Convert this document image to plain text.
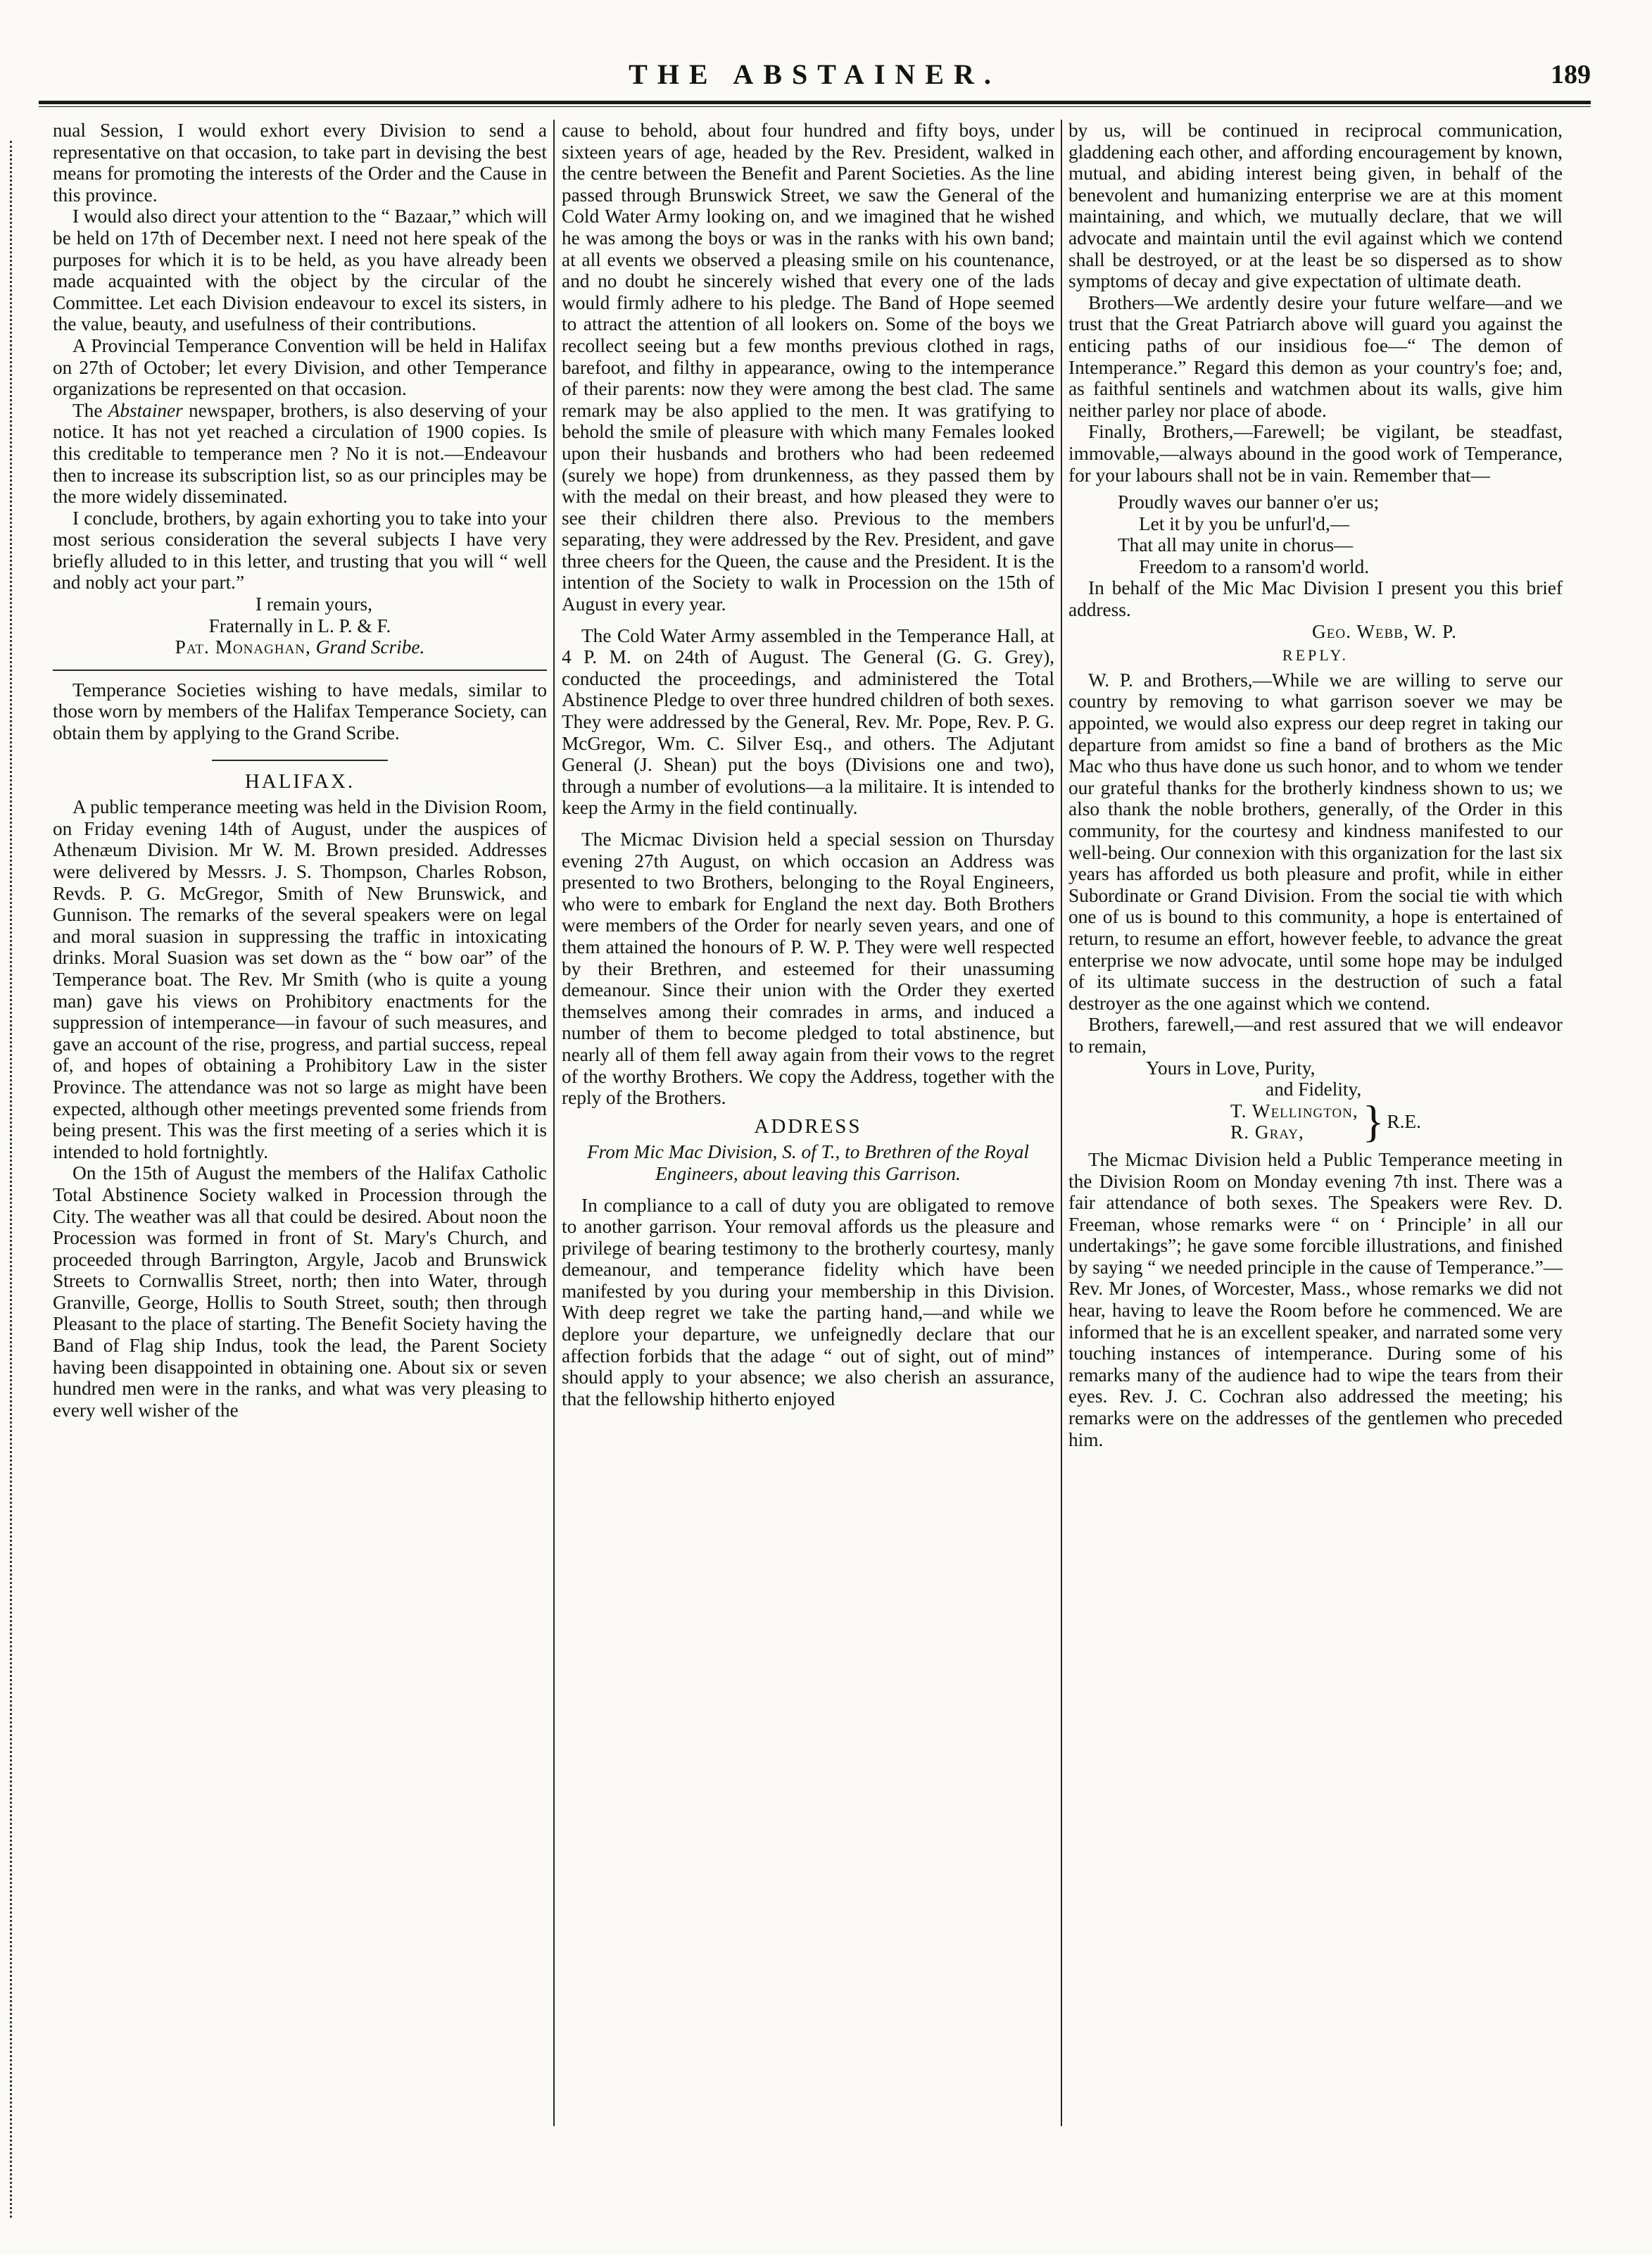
THE ABSTAINER.	189

nual Session, I would exhort every Division to send a representative on that occasion, to take part in devising the best means for promoting the interests of the Order and the Cause in this province.

I would also direct your attention to the “ Bazaar,” which will be held on 17th of December next. I need not here speak of the purposes for which it is to be held, as you have already been made acquainted with the object by the circular of the Committee. Let each Division endeavour to excel its sisters, in the value, beauty, and usefulness of their contributions.

A Provincial Temperance Convention will be held in Halifax on 27th of October; let every Division, and other Temperance organizations be represented on that occasion.

The Abstainer newspaper, brothers, is also deserving of your notice. It has not yet reached a circulation of 1900 copies. Is this creditable to temperance men ? No it is not.—Endeavour then to increase its subscription list, so as our principles may be the more widely disseminated.

I conclude, brothers, by again exhorting you to take into your most serious consideration the several subjects I have very briefly alluded to in this letter, and trusting that you will “ well and nobly act your part.”

I remain yours,
Fraternally in L. P. & F.
Pat. Monaghan, Grand Scribe.

Temperance Societies wishing to have medals, similar to those worn by members of the Halifax Temperance Society, can obtain them by applying to the Grand Scribe.

HALIFAX.

A public temperance meeting was held in the Division Room, on Friday evening 14th of August, under the auspices of Athenæum Division. Mr W. M. Brown presided. Addresses were delivered by Messrs. J. S. Thompson, Charles Robson, Revds. P. G. McGregor, Smith of New Brunswick, and Gunnison. The remarks of the several speakers were on legal and moral suasion in suppressing the traffic in intoxicating drinks. Moral Suasion was set down as the “ bow oar” of the Temperance boat. The Rev. Mr Smith (who is quite a young man) gave his views on Prohibitory enactments for the suppression of intemperance—in favour of such measures, and gave an account of the rise, progress, and partial success, repeal of, and hopes of obtaining a Prohibitory Law in the sister Province. The attendance was not so large as might have been expected, although other meetings prevented some friends from being present. This was the first meeting of a series which it is intended to hold fortnightly.

On the 15th of August the members of the Halifax Catholic Total Abstinence Society walked in Procession through the City. The weather was all that could be desired. About noon the Procession was formed in front of St. Mary's Church, and proceeded through Barrington, Argyle, Jacob and Brunswick Streets to Cornwallis Street, north; then into Water, through Granville, George, Hollis to South Street, south; then through Pleasant to the place of starting. The Benefit Society having the Band of Flag ship Indus, took the lead, the Parent Society having been disappointed in obtaining one. About six or seven hundred men were in the ranks, and what was very pleasing to every well wisher of the

cause to behold, about four hundred and fifty boys, under sixteen years of age, headed by the Rev. President, walked in the centre between the Benefit and Parent Societies. As the line passed through Brunswick Street, we saw the General of the Cold Water Army looking on, and we imagined that he wished he was among the boys or was in the ranks with his own band; at all events we observed a pleasing smile on his countenance, and no doubt he sincerely wished that every one of the lads would firmly adhere to his pledge. The Band of Hope seemed to attract the attention of all lookers on. Some of the boys we recollect seeing but a few months previous clothed in rags, barefoot, and filthy in appearance, owing to the intemperance of their parents: now they were among the best clad. The same remark may be also applied to the men. It was gratifying to behold the smile of pleasure with which many Females looked upon their husbands and brothers who had been redeemed (surely we hope) from drunkenness, as they passed them by with the medal on their breast, and how pleased they were to see their children there also. Previous to the members separating, they were addressed by the Rev. President, and gave three cheers for the Queen, the cause and the President. It is the intention of the Society to walk in Procession on the 15th of August in every year.

The Cold Water Army assembled in the Temperance Hall, at 4 P. M. on 24th of August. The General (G. G. Grey), conducted the proceedings, and administered the Total Abstinence Pledge to over three hundred children of both sexes. They were addressed by the General, Rev. Mr. Pope, Rev. P. G. McGregor, Wm. C. Silver Esq., and others. The Adjutant General (J. Shean) put the boys (Divisions one and two), through a number of evolutions—a la militaire. It is intended to keep the Army in the field continually.

The Micmac Division held a special session on Thursday evening 27th August, on which occasion an Address was presented to two Brothers, belonging to the Royal Engineers, who were to embark for England the next day. Both Brothers were members of the Order for nearly seven years, and one of them attained the honours of P. W. P. They were well respected by their Brethren, and esteemed for their unassuming demeanour. Since their union with the Order they exerted themselves among their comrades in arms, and induced a number of them to become pledged to total abstinence, but nearly all of them fell away again from their vows to the regret of the worthy Brothers. We copy the Address, together with the reply of the Brothers.

ADDRESS
From Mic Mac Division, S. of T., to Brethren of the Royal Engineers, about leaving this Garrison.

In compliance to a call of duty you are obligated to remove to another garrison. Your removal affords us the pleasure and privilege of bearing testimony to the brotherly courtesy, manly demeanour, and temperance fidelity which have been manifested by you during your membership in this Division. With deep regret we take the parting hand,—and while we deplore your departure, we unfeignedly declare that our affection forbids that the adage “ out of sight, out of mind” should apply to your absence; we also cherish an assurance, that the fellowship hitherto enjoyed

by us, will be continued in reciprocal communication, gladdening each other, and affording encouragement by known, mutual, and abiding interest being given, in behalf of the benevolent and humanizing enterprise we are at this moment maintaining, and which, we mutually declare, that we will advocate and maintain until the evil against which we contend shall be destroyed, or at the least be so dispersed as to show symptoms of decay and give expectation of ultimate death.

Brothers—We ardently desire your future welfare—and we trust that the Great Patriarch above will guard you against the enticing paths of our insidious foe—“ The demon of Intemperance.” Regard this demon as your country's foe; and, as faithful sentinels and watchmen about its walls, give him neither parley nor place of abode.

Finally, Brothers,—Farewell; be vigilant, be steadfast, immovable,—always abound in the good work of Temperance, for your labours shall not be in vain. Remember that—

Proudly waves our banner o'er us;
Let it by you be unfurl'd,—
That all may unite in chorus—
Freedom to a ransom'd world.

In behalf of the Mic Mac Division I present you this brief address.

Geo. Webb, W. P.
REPLY.

W. P. and Brothers,—While we are willing to serve our country by removing to what garrison soever we may be appointed, we would also express our deep regret in taking our departure from amidst so fine a band of brothers as the Mic Mac who thus have done us such honor, and to whom we tender our grateful thanks for the brotherly kindness shown to us; we also thank the noble brothers, generally, of the Order in this community, for the courtesy and kindness manifested to our well-being. Our connexion with this organization for the last six years has afforded us both pleasure and profit, while in either Subordinate or Grand Division. From the social tie with which one of us is bound to this community, a hope is entertained of return, to resume an effort, however feeble, to advance the great enterprise we now advocate, until some hope may be indulged of its ultimate success in the destruction of such a fatal destroyer as the one against which we contend.

Brothers, farewell,—and rest assured that we will endeavor to remain,

Yours in Love, Purity,
and Fidelity,
T. Wellington,
R. Gray,	} R.E.

The Micmac Division held a Public Temperance meeting in the Division Room on Monday evening 7th inst. There was a fair attendance of both sexes. The Speakers were Rev. D. Freeman, whose remarks were “ on ‘ Principle’ in all our undertakings”; he gave some forcible illustrations, and finished by saying “ we needed principle in the cause of Temperance.”—Rev. Mr Jones, of Worcester, Mass., whose remarks we did not hear, having to leave the Room before he commenced. We are informed that he is an excellent speaker, and narrated some very touching instances of intemperance. During some of his remarks many of the audience had to wipe the tears from their eyes. Rev. J. C. Cochran also addressed the meeting; his remarks were on the addresses of the gentlemen who preceded him.
